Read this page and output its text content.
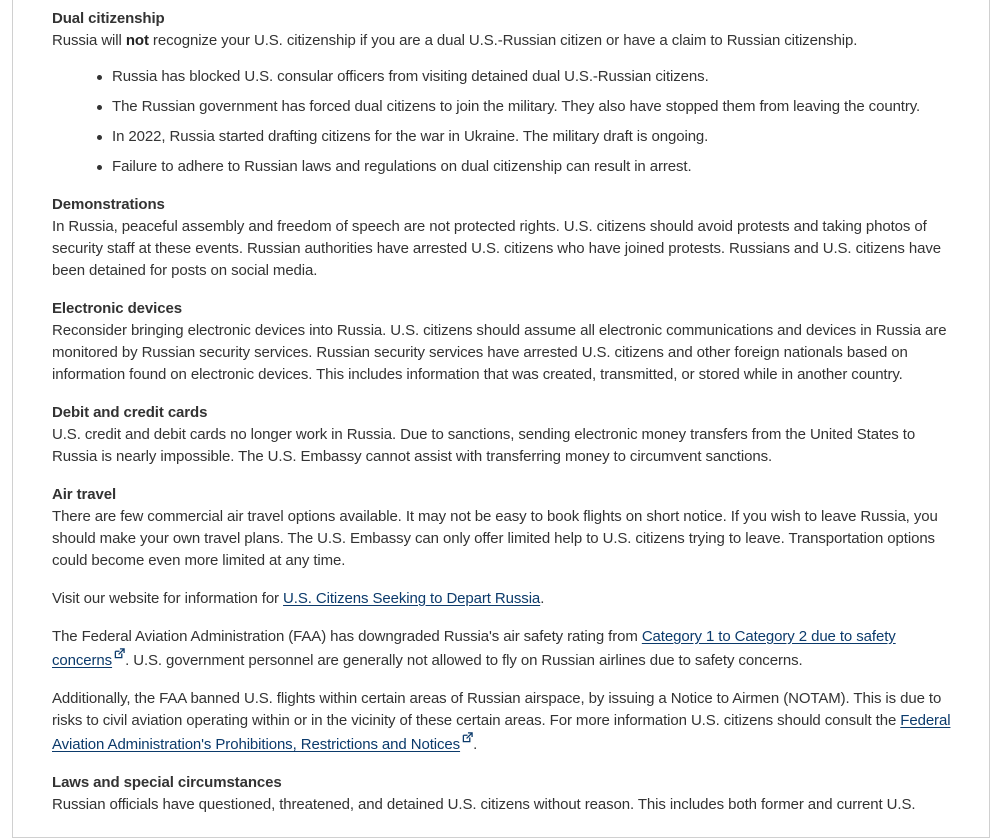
Dual citizenship

Russia will not recognize your U.S. citizenship if you are a dual U.S.-Russian citizen or have a claim to Russian citizenship.

Russia has blocked U.S. consular officers from visiting detained dual U.S.-Russian citizens.
The Russian government has forced dual citizens to join the military. They also have stopped them from leaving the country.
In 2022, Russia started drafting citizens for the war in Ukraine. The military draft is ongoing.
Failure to adhere to Russian laws and regulations on dual citizenship can result in arrest.
Demonstrations

In Russia, peaceful assembly and freedom of speech are not protected rights. U.S. citizens should avoid protests and taking photos of security staff at these events. Russian authorities have arrested U.S. citizens who have joined protests. Russians and U.S. citizens have been detained for posts on social media.

Electronic devices

Reconsider bringing electronic devices into Russia. U.S. citizens should assume all electronic communications and devices in Russia are monitored by Russian security services. Russian security services have arrested U.S. citizens and other foreign nationals based on information found on electronic devices. This includes information that was created, transmitted, or stored while in another country.

Debit and credit cards

U.S. credit and debit cards no longer work in Russia. Due to sanctions, sending electronic money transfers from the United States to Russia is nearly impossible. The U.S. Embassy cannot assist with transferring money to circumvent sanctions.

Air travel

There are few commercial air travel options available. It may not be easy to book flights on short notice. If you wish to leave Russia, you should make your own travel plans. The U.S. Embassy can only offer limited help to U.S. citizens trying to leave. Transportation options could become even more limited at any time.

Visit our website for information for U.S. Citizens Seeking to Depart Russia.

The Federal Aviation Administration (FAA) has downgraded Russia's air safety rating from Category 1 to Category 2 due to safety concerns . U.S. government personnel are generally not allowed to fly on Russian airlines due to safety concerns.

Additionally, the FAA banned U.S. flights within certain areas of Russian airspace, by issuing a Notice to Airmen (NOTAM). This is due to risks to civil aviation operating within or in the vicinity of these certain areas. For more information U.S. citizens should consult the Federal Aviation Administration's Prohibitions, Restrictions and Notices .

Laws and special circumstances

Russian officials have questioned, threatened, and detained U.S. citizens without reason. This includes both former and current U.S.
